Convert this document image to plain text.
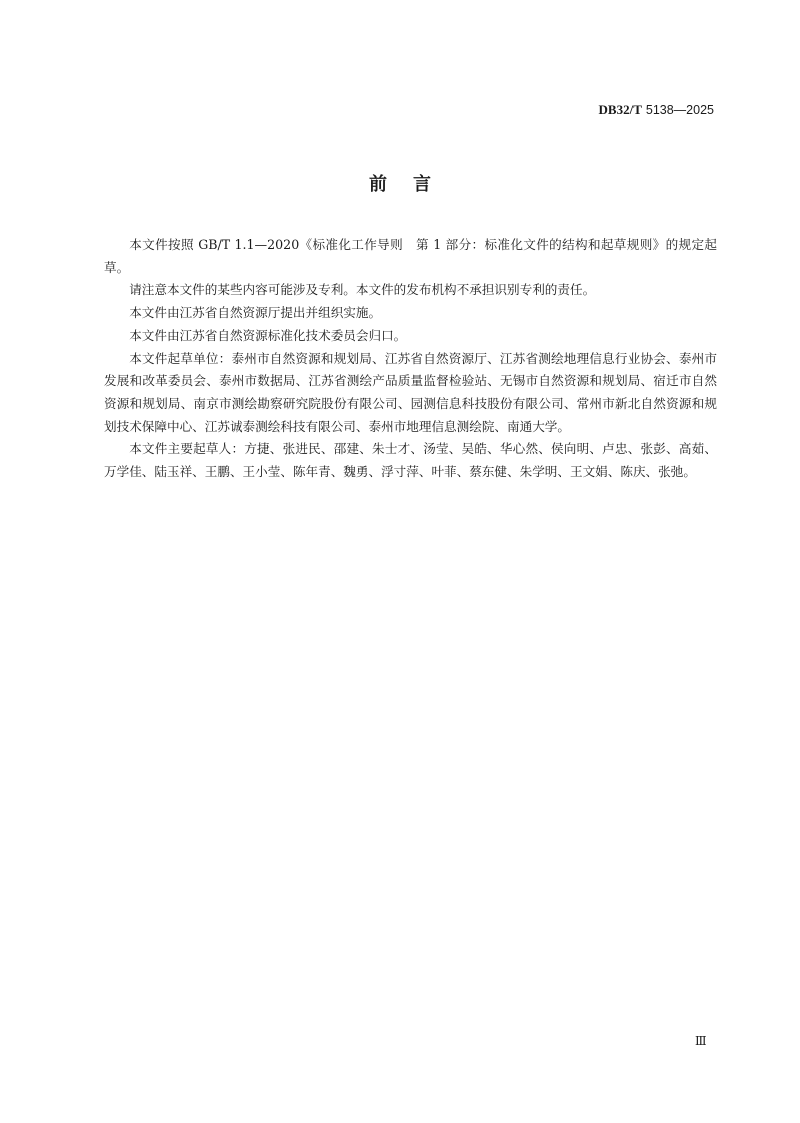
DB32/T 5138—2025
前言

本文件按照 GB/T 1.1—2020《标准化工作导则　第 1 部分：标准化文件的结构和起草规则》的规定起草。

请注意本文件的某些内容可能涉及专利。本文件的发布机构不承担识别专利的责任。

本文件由江苏省自然资源厅提出并组织实施。

本文件由江苏省自然资源标准化技术委员会归口。

本文件起草单位：泰州市自然资源和规划局、江苏省自然资源厅、江苏省测绘地理信息行业协会、泰州市发展和改革委员会、泰州市数据局、江苏省测绘产品质量监督检验站、无锡市自然资源和规划局、宿迁市自然资源和规划局、南京市测绘勘察研究院股份有限公司、园测信息科技股份有限公司、常州市新北自然资源和规划技术保障中心、江苏诚泰测绘科技有限公司、泰州市地理信息测绘院、南通大学。

本文件主要起草人：方捷、张进民、邵建、朱士才、汤莹、吴皓、华心然、侯向明、卢忠、张彭、高茹、万学佳、陆玉祥、王鹏、王小莹、陈年青、魏勇、浮寸萍、叶菲、蔡东健、朱学明、王文娟、陈庆、张弛。

Ⅲ
